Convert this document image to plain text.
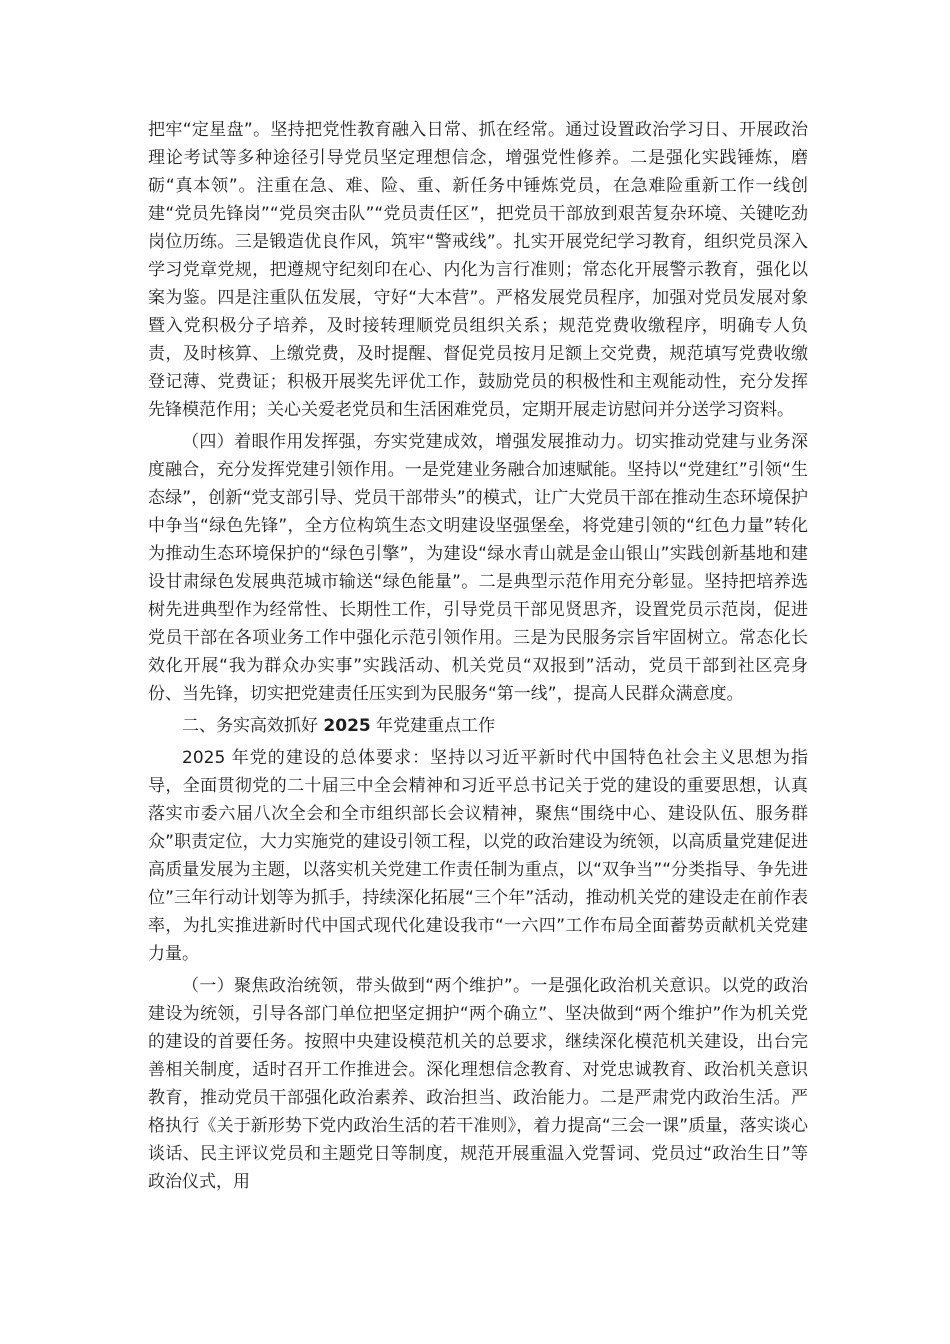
把牢“定星盘”。坚持把党性教育融入日常、抓在经常。通过设置政治学习日、开展政治理论考试等多种途径引导党员坚定理想信念，增强党性修养。二是强化实践锤炼，磨砺“真本领”。注重在急、难、险、重、新任务中锤炼党员，在急难险重新工作一线创建“党员先锋岗”“党员突击队”“党员责任区”，把党员干部放到艰苦复杂环境、关键吃劲岗位历练。三是锻造优良作风，筑牢“警戒线”。扎实开展党纪学习教育，组织党员深入学习党章党规，把遵规守纪刻印在心、内化为言行准则；常态化开展警示教育，强化以案为鉴。四是注重队伍发展，守好“大本营”。严格发展党员程序，加强对党员发展对象暨入党积极分子培养，及时接转理顺党员组织关系；规范党费收缴程序，明确专人负责，及时核算、上缴党费，及时提醒、督促党员按月足额上交党费，规范填写党费收缴登记薄、党费证；积极开展奖先评优工作，鼓励党员的积极性和主观能动性，充分发挥先锋模范作用；关心关爱老党员和生活困难党员，定期开展走访慰问并分送学习资料。

（四）着眼作用发挥强，夯实党建成效，增强发展推动力。切实推动党建与业务深度融合，充分发挥党建引领作用。一是党建业务融合加速赋能。坚持以“党建红”引领“生态绿”，创新“党支部引导、党员干部带头”的模式，让广大党员干部在推动生态环境保护中争当“绿色先锋”，全方位构筑生态文明建设坚强堡垒，将党建引领的“红色力量”转化为推动生态环境保护的“绿色引擎”，为建设“绿水青山就是金山银山”实践创新基地和建设甘肃绿色发展典范城市输送“绿色能量”。二是典型示范作用充分彰显。坚持把培养选树先进典型作为经常性、长期性工作，引导党员干部见贤思齐，设置党员示范岗，促进党员干部在各项业务工作中强化示范引领作用。三是为民服务宗旨牢固树立。常态化长效化开展“我为群众办实事”实践活动、机关党员“双报到”活动，党员干部到社区亮身份、当先锋，切实把党建责任压实到为民服务“第一线”，提高人民群众满意度。

二、务实高效抓好 2025 年党建重点工作

2025 年党的建设的总体要求：坚持以习近平新时代中国特色社会主义思想为指导，全面贯彻党的二十届三中全会精神和习近平总书记关于党的建设的重要思想，认真落实市委六届八次全会和全市组织部长会议精神，聚焦“围绕中心、建设队伍、服务群众”职责定位，大力实施党的建设引领工程，以党的政治建设为统领，以高质量党建促进高质量发展为主题，以落实机关党建工作责任制为重点，以“双争当”“分类指导、争先进位”三年行动计划等为抓手，持续深化拓展“三个年”活动，推动机关党的建设走在前作表率，为扎实推进新时代中国式现代化建设我市“一六四”工作布局全面蓄势贡献机关党建力量。

（一）聚焦政治统领，带头做到“两个维护”。一是强化政治机关意识。以党的政治建设为统领，引导各部门单位把坚定拥护“两个确立”、坚决做到“两个维护”作为机关党的建设的首要任务。按照中央建设模范机关的总要求，继续深化模范机关建设，出台完善相关制度，适时召开工作推进会。深化理想信念教育、对党忠诚教育、政治机关意识教育，推动党员干部强化政治素养、政治担当、政治能力。二是严肃党内政治生活。严格执行《关于新形势下党内政治生活的若干准则》，着力提高“三会一课”质量，落实谈心谈话、民主评议党员和主题党日等制度，规范开展重温入党誓词、党员过“政治生日”等政治仪式，用
